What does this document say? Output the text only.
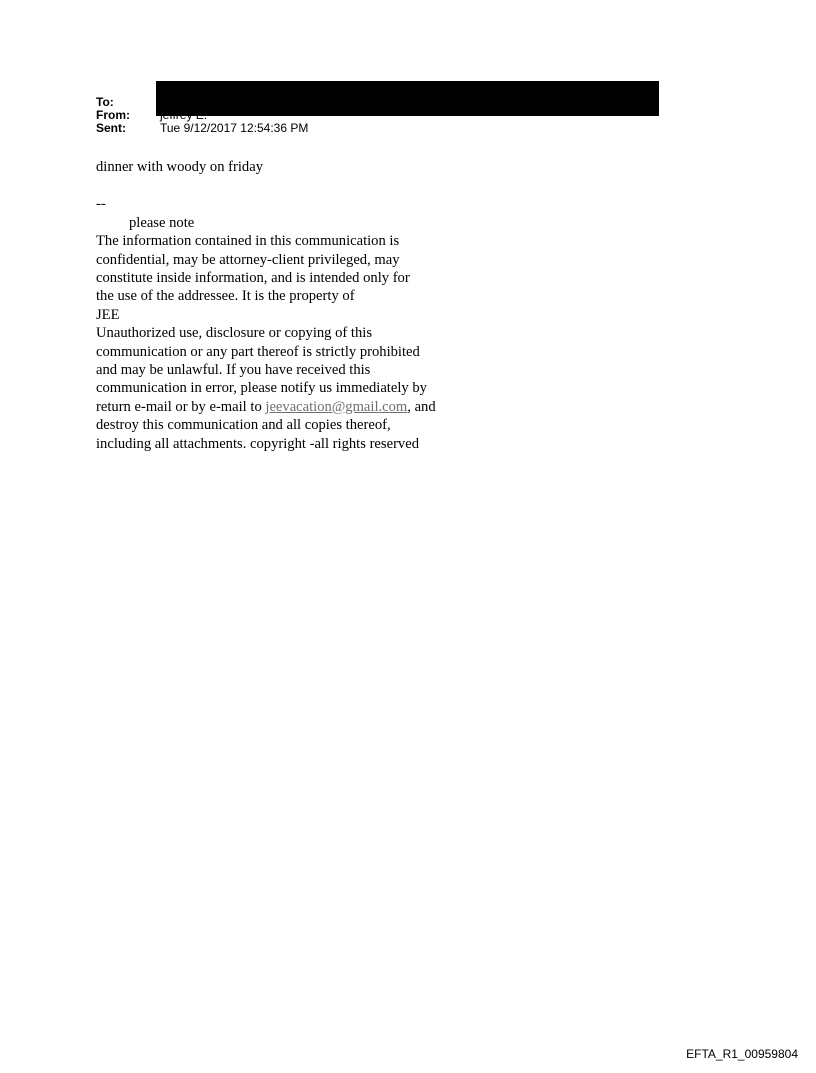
To:
From:
Sent:	Tue 9/12/2017 12:54:36 PM

dinner with woody on friday

--

please note

The information contained in this communication is

confidential, may be attorney-client privileged, may

constitute inside information, and is intended only for

the use of the addressee. It is the property of

JEE

Unauthorized use, disclosure or copying of this

communication or any part thereof is strictly prohibited

and may be unlawful. If you have received this

communication in error, please notify us immediately by

return e-mail or by e-mail to jeevacation@gmail.com, and

destroy this communication and all copies thereof,

including all attachments. copyright -all rights reserved

EFTA_R1_00959804
